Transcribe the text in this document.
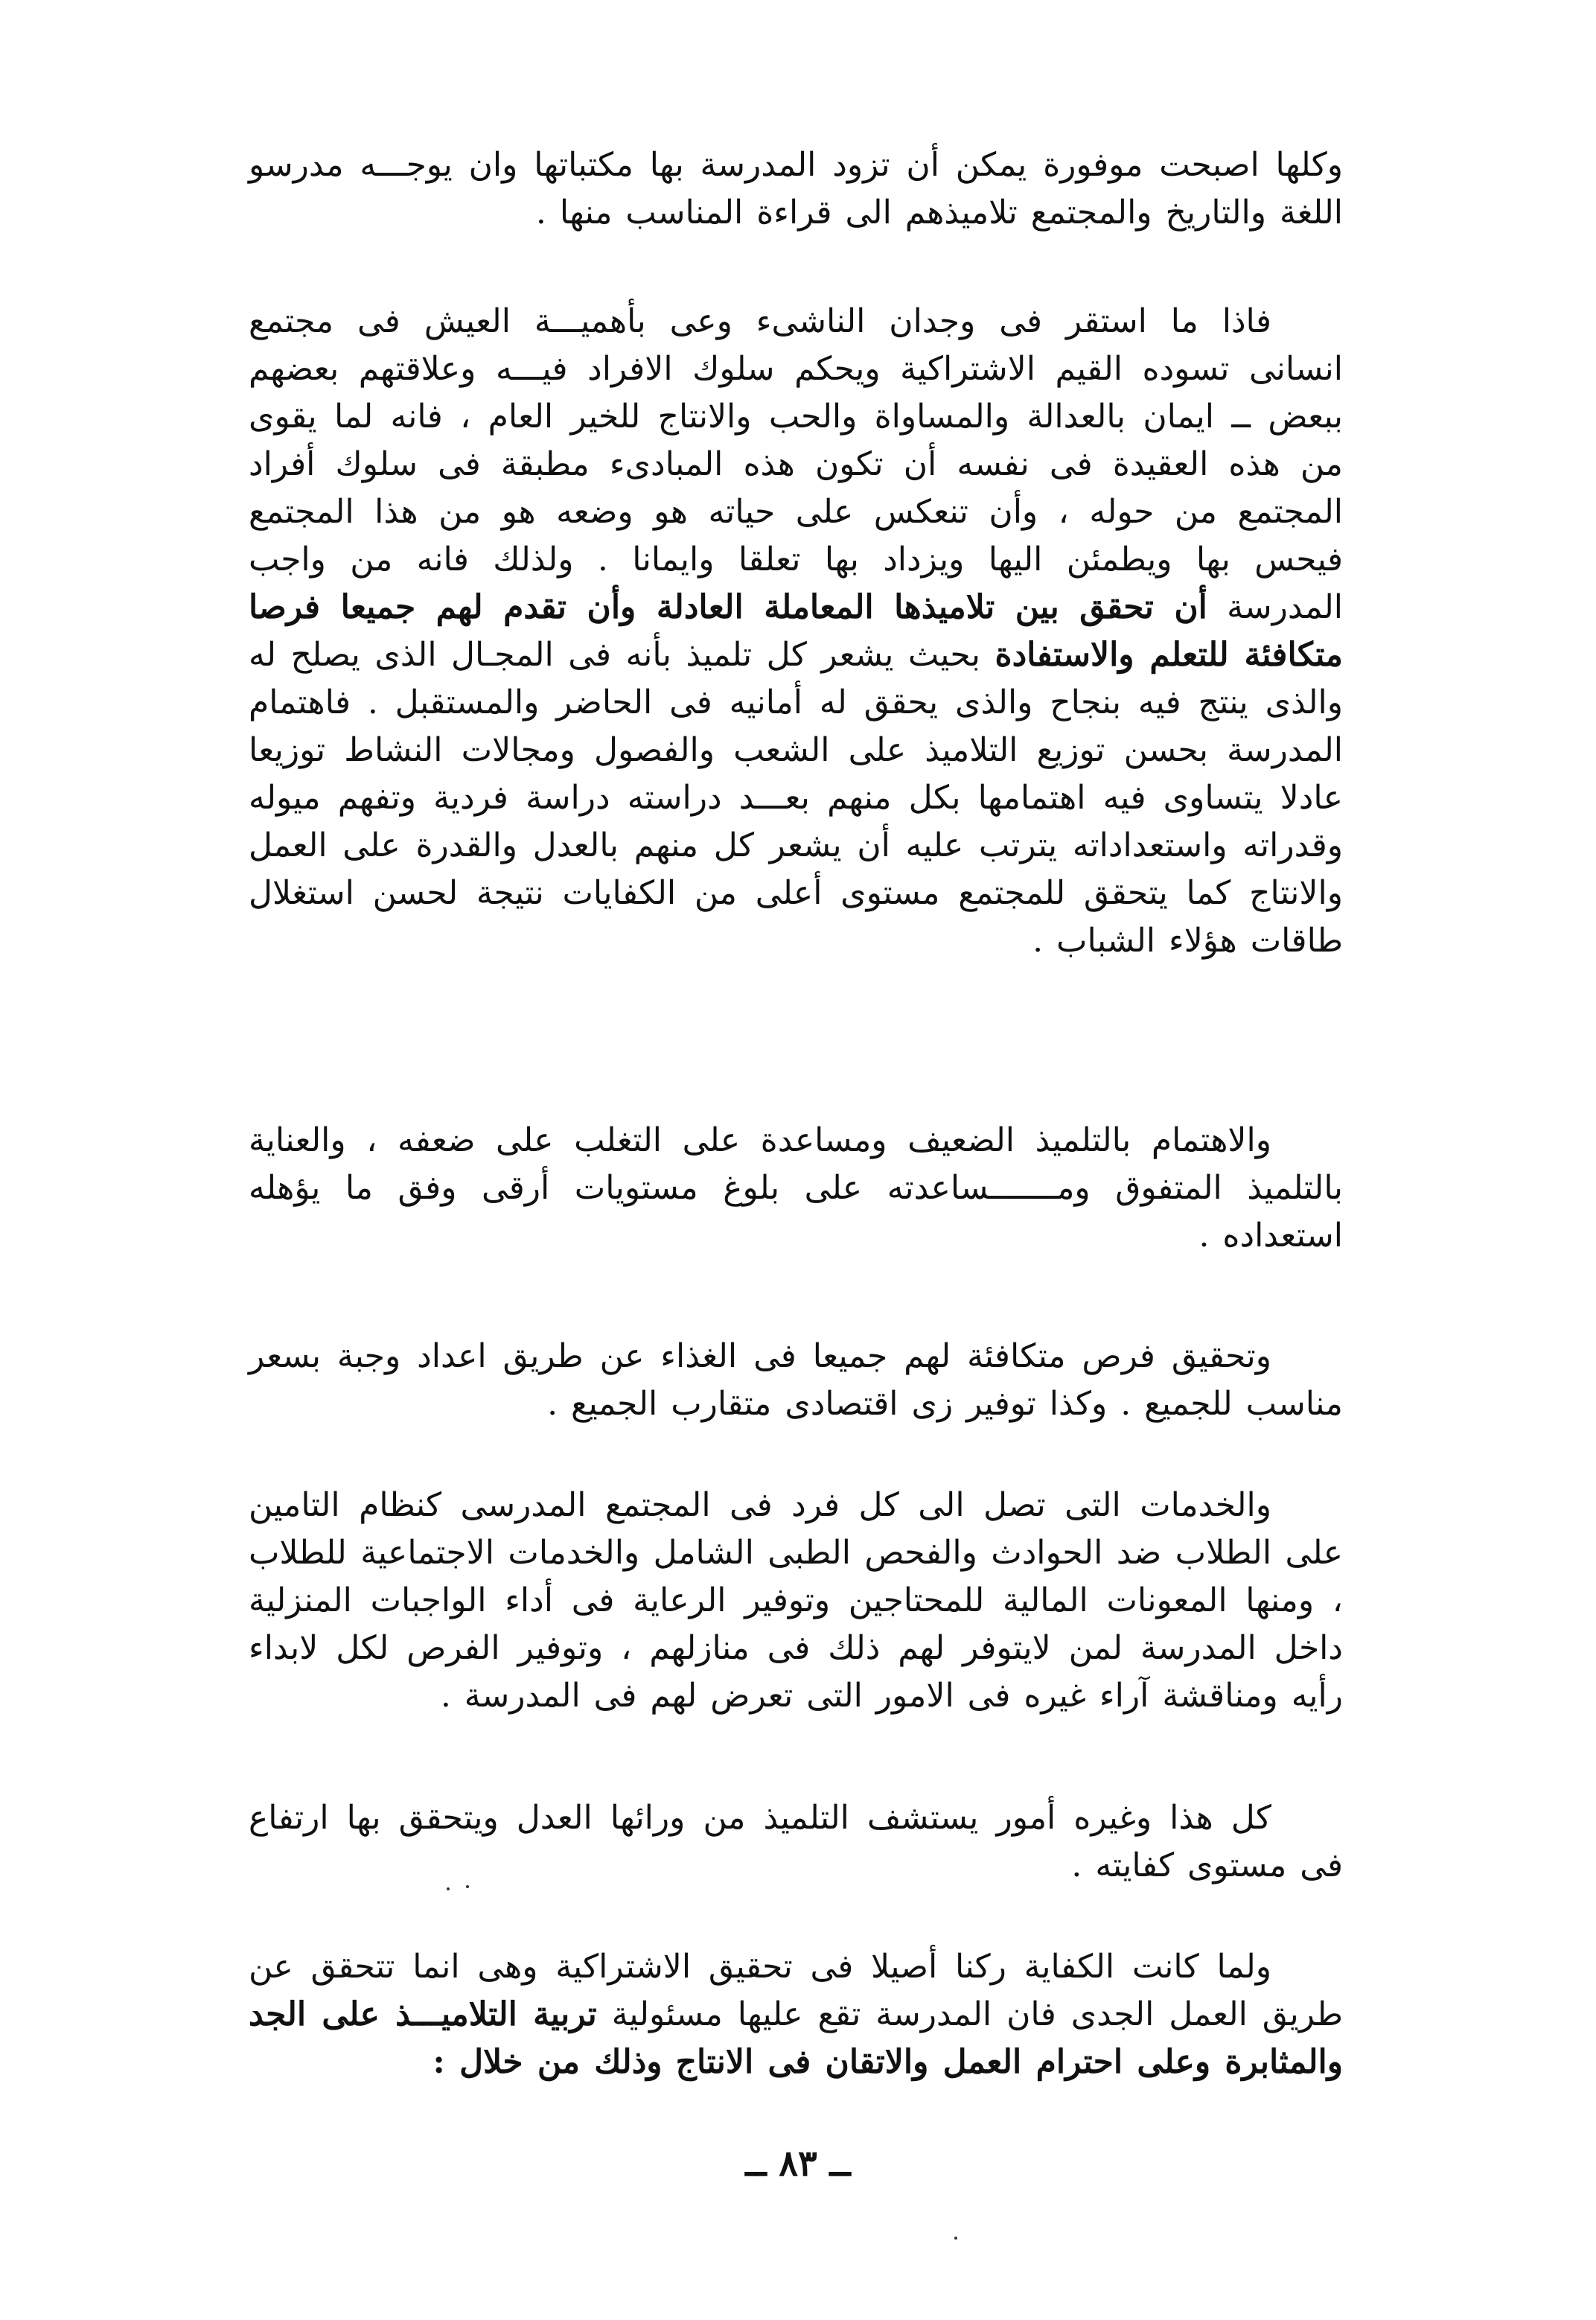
وكلها اصبحت موفورة يمكن أن تزود المدرسة بها مكتباتها وان يوجـــه مدرسو اللغة والتاريخ والمجتمع تلاميذهم الى قراءة المناسب منها .

فاذا ما استقر فى وجدان الناشىء وعى بأهميـــة العيش فى مجتمع انسانى تسوده القيم الاشتراكية ويحكم سلوك الافراد فيـــه وعلاقتهم بعضهم ببعض ــ ايمان بالعدالة والمساواة والحب والانتاج للخير العام ، فانه لما يقوى من هذه العقيدة فى نفسه أن تكون هذه المبادىء مطبقة فى سلوك أفراد المجتمع من حوله ، وأن تنعكس على حياته هو وضعه هو من هذا المجتمع فيحس بها ويطمئن اليها ويزداد بها تعلقا وايمانا . ولذلك فانه من واجب المدرسة أن تحقق بين تلاميذها المعاملة العادلة وأن تقدم لهم جميعا فرصا متكافئة للتعلم والاستفادة بحيث يشعر كل تلميذ بأنه فى المجـال الذى يصلح له والذى ينتج فيه بنجاح والذى يحقق له أمانيه فى الحاضر والمستقبل . فاهتمام المدرسة بحسن توزيع التلاميذ على الشعب والفصول ومجالات النشاط توزيعا عادلا يتساوى فيه اهتمامها بكل منهم بعـــد دراسته دراسة فردية وتفهم ميوله وقدراته واستعداداته يترتب عليه أن يشعر كل منهم بالعدل والقدرة على العمل والانتاج كما يتحقق للمجتمع مستوى أعلى من الكفايات نتيجة لحسن استغلال طاقات هؤلاء الشباب .

والاهتمام بالتلميذ الضعيف ومساعدة على التغلب على ضعفه ، والعناية بالتلميذ المتفوق ومـــــــساعدته على بلوغ مستويات أرقى وفق ما يؤهله استعداده .

وتحقيق فرص متكافئة لهم جميعا فى الغذاء عن طريق اعداد وجبة بسعر مناسب للجميع . وكذا توفير زى اقتصادى متقارب الجميع .

والخدمات التى تصل الى كل فرد فى المجتمع المدرسى كنظام التامين على الطلاب ضد الحوادث والفحص الطبى الشامل والخدمات الاجتماعية للطلاب ، ومنها المعونات المالية للمحتاجين وتوفير الرعاية فى أداء الواجبات المنزلية داخل المدرسة لمن لايتوفر لهم ذلك فى منازلهم ، وتوفير الفرص لكل لابداء رأيه ومناقشة آراء غيره فى الامور التى تعرض لهم فى المدرسة .

كل هذا وغيره أمور يستشف التلميذ من ورائها العدل ويتحقق بها ارتفاع فى مستوى كفايته .

ولما كانت الكفاية ركنا أصيلا فى تحقيق الاشتراكية وهى انما تتحقق عن طريق العمل الجدى فان المدرسة تقع عليها مسئولية تربية التلاميـــذ على الجد والمثابرة وعلى احترام العمل والاتقان فى الانتاج وذلك من خلال :

ــ ٨٣ ــ
